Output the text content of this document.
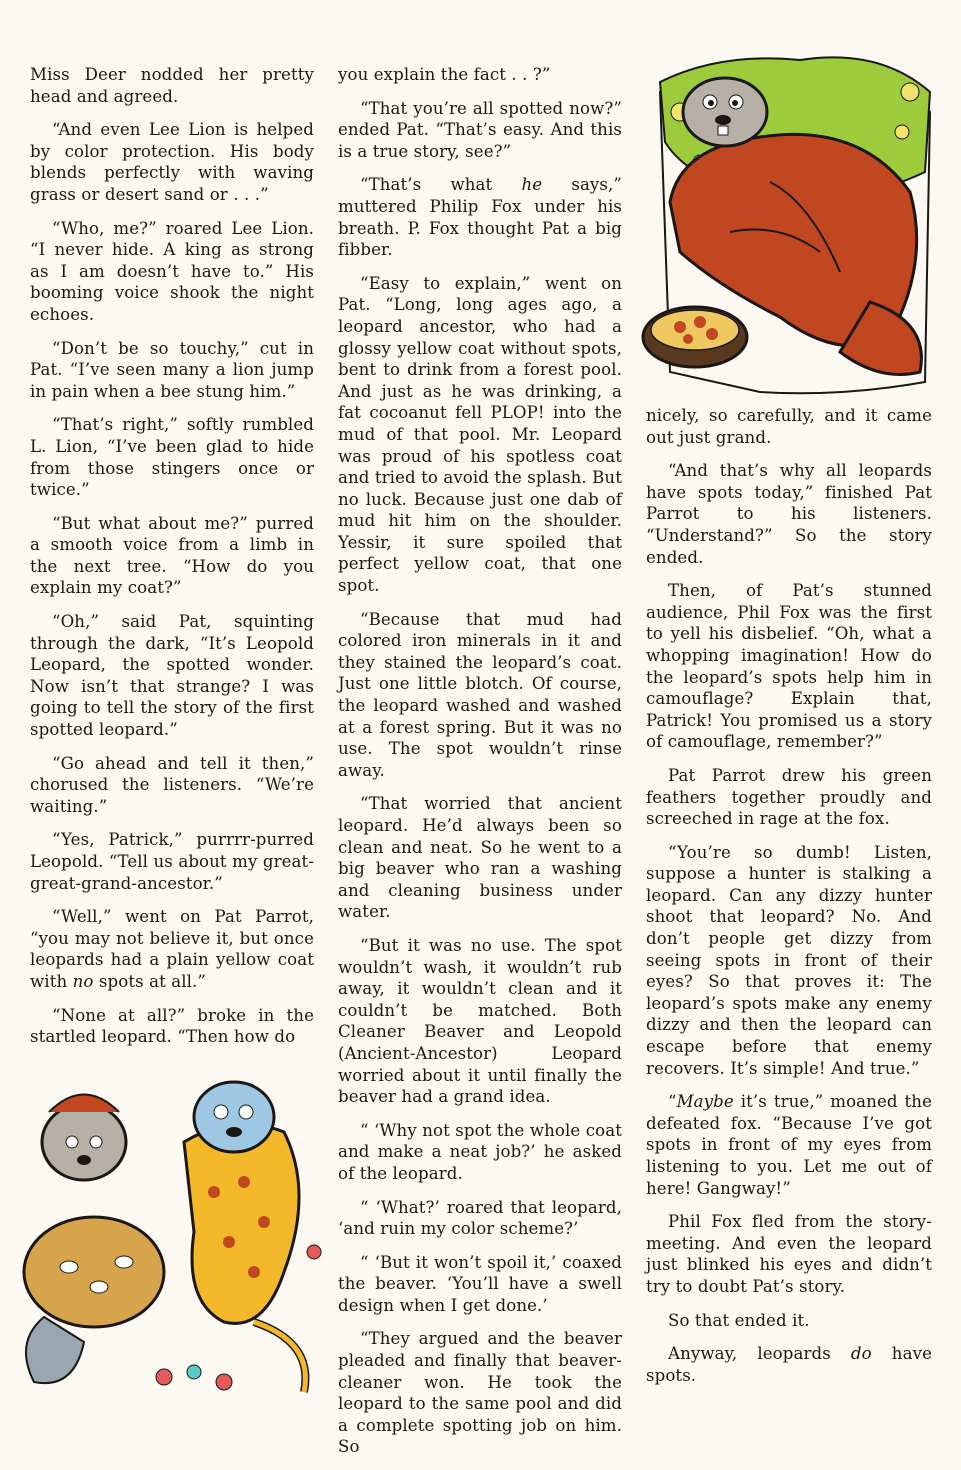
Miss Deer nodded her pretty head and agreed.

“And even Lee Lion is helped by color protection. His body blends perfectly with waving grass or desert sand or . . .”

“Who, me?” roared Lee Lion. “I never hide. A king as strong as I am doesn’t have to.” His booming voice shook the night echoes.

“Don’t be so touchy,” cut in Pat. “I’ve seen many a lion jump in pain when a bee stung him.”

“That’s right,” softly rumbled L. Lion, “I’ve been glad to hide from those stingers once or twice.”

“But what about me?” purred a smooth voice from a limb in the next tree. “How do you explain my coat?”

“Oh,” said Pat, squinting through the dark, “It’s Leopold Leopard, the spotted wonder. Now isn’t that strange? I was going to tell the story of the first spotted leopard.”

“Go ahead and tell it then,” chorused the listeners. “We’re waiting.”

“Yes, Patrick,” purrrr-purred Leopold. “Tell us about my great-great-grand-ancestor.”

“Well,” went on Pat Parrot, “you may not believe it, but once leopards had a plain yellow coat with no spots at all.”

“None at all?” broke in the startled leopard. “Then how do

you explain the fact . . ?”

“That you’re all spotted now?” ended Pat. “That’s easy. And this is a true story, see?”

“That’s what he says,” muttered Philip Fox under his breath. P. Fox thought Pat a big fibber.

“Easy to explain,” went on Pat. “Long, long ages ago, a leopard ancestor, who had a glossy yellow coat without spots, bent to drink from a forest pool. And just as he was drinking, a fat cocoanut fell PLOP! into the mud of that pool. Mr. Leopard was proud of his spotless coat and tried to avoid the splash. But no luck. Because just one dab of mud hit him on the shoulder. Yessir, it sure spoiled that perfect yellow coat, that one spot.

“Because that mud had colored iron minerals in it and they stained the leopard’s coat. Just one little blotch. Of course, the leopard washed and washed at a forest spring. But it was no use. The spot wouldn’t rinse away.

“That worried that ancient leopard. He’d always been so clean and neat. So he went to a big beaver who ran a washing and cleaning business under water.

“But it was no use. The spot wouldn’t wash, it wouldn’t rub away, it wouldn’t clean and it couldn’t be matched. Both Cleaner Beaver and Leopold (Ancient-Ancestor) Leopard worried about it until finally the beaver had a grand idea.

“ ‘Why not spot the whole coat and make a neat job?’ he asked of the leopard.

“ ‘What?’ roared that leopard, ‘and ruin my color scheme?’

“ ‘But it won’t spoil it,’ coaxed the beaver. ‘You’ll have a swell design when I get done.’

“They argued and the beaver pleaded and finally that beaver-cleaner won. He took the leopard to the same pool and did a complete spotting job on him. So

nicely, so carefully, and it came out just grand.

“And that’s why all leopards have spots today,” finished Pat Parrot to his listeners. “Understand?” So the story ended.

Then, of Pat’s stunned audience, Phil Fox was the first to yell his disbelief. “Oh, what a whopping imagination! How do the leopard’s spots help him in camouflage? Explain that, Patrick! You promised us a story of camouflage, remember?”

Pat Parrot drew his green feathers together proudly and screeched in rage at the fox.

“You’re so dumb! Listen, suppose a hunter is stalking a leopard. Can any dizzy hunter shoot that leopard? No. And don’t people get dizzy from seeing spots in front of their eyes? So that proves it: The leopard’s spots make any enemy dizzy and then the leopard can escape before that enemy recovers. It’s simple! And true.”

“Maybe it’s true,” moaned the defeated fox. “Because I’ve got spots in front of my eyes from listening to you. Let me out of here! Gangway!”

Phil Fox fled from the story-meeting. And even the leopard just blinked his eyes and didn’t try to doubt Pat’s story.

So that ended it.

Anyway, leopards do have spots.
